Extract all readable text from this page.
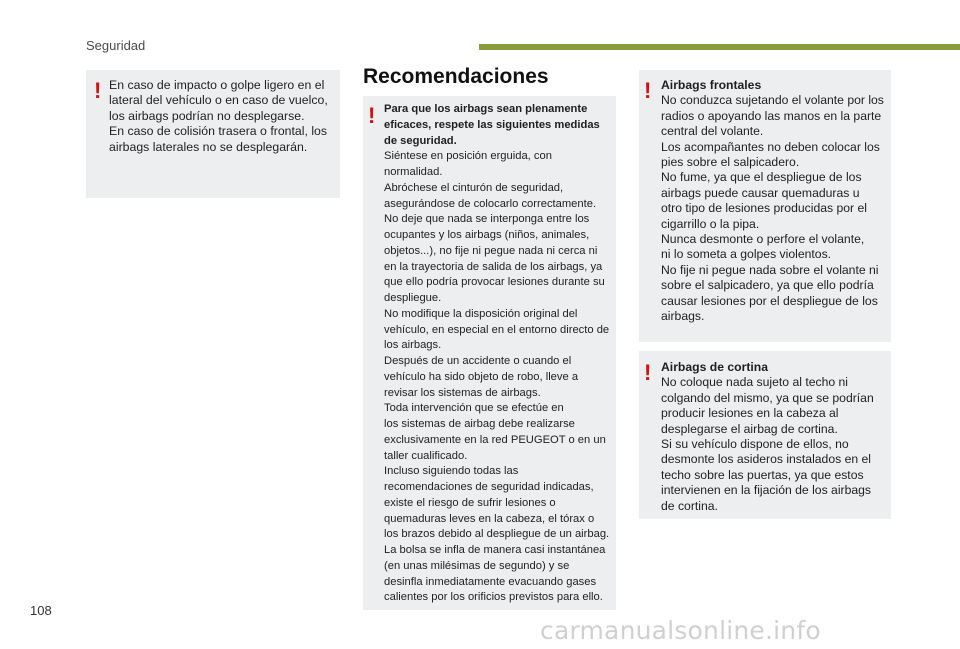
Seguridad
! En caso de impacto o golpe ligero en el

lateral del vehículo o en caso de vuelco,

los airbags podrían no desplegarse.

En caso de colisión trasera o frontal, los

airbags laterales no se desplegarán.

Recomendaciones
! Para que los airbags sean plenamente

eficaces, respete las siguientes medidas

de seguridad.

Siéntese en posición erguida, con

normalidad.

Abróchese el cinturón de seguridad,

asegurándose de colocarlo correctamente.

No deje que nada se interponga entre los

ocupantes y los airbags (niños, animales,

objetos...), no fije ni pegue nada ni cerca ni

en la trayectoria de salida de los airbags, ya

que ello podría provocar lesiones durante su

despliegue.

No modifique la disposición original del

vehículo, en especial en el entorno directo de

los airbags.

Después de un accidente o cuando el

vehículo ha sido objeto de robo, lleve a

revisar los sistemas de airbags.

Toda intervención que se efectúe en

los sistemas de airbag debe realizarse

exclusivamente en la red PEUGEOT o en un

taller cualificado.

Incluso siguiendo todas las

recomendaciones de seguridad indicadas,

existe el riesgo de sufrir lesiones o

quemaduras leves en la cabeza, el tórax o

los brazos debido al despliegue de un airbag.

La bolsa se infla de manera casi instantánea

(en unas milésimas de segundo) y se

desinfla inmediatamente evacuando gases

calientes por los orificios previstos para ello.

! Airbags frontales

No conduzca sujetando el volante por los

radios o apoyando las manos en la parte

central del volante.

Los acompañantes no deben colocar los

pies sobre el salpicadero.

No fume, ya que el despliegue de los

airbags puede causar quemaduras u

otro tipo de lesiones producidas por el

cigarrillo o la pipa.

Nunca desmonte o perfore el volante,

ni lo someta a golpes violentos.

No fije ni pegue nada sobre el volante ni

sobre el salpicadero, ya que ello podría

causar lesiones por el despliegue de los

airbags.

! Airbags de cortina

No coloque nada sujeto al techo ni

colgando del mismo, ya que se podrían

producir lesiones en la cabeza al

desplegarse el airbag de cortina.

Si su vehículo dispone de ellos, no

desmonte los asideros instalados en el

techo sobre las puertas, ya que estos

intervienen en la fijación de los airbags

de cortina.

108
carmanualsonline.info
